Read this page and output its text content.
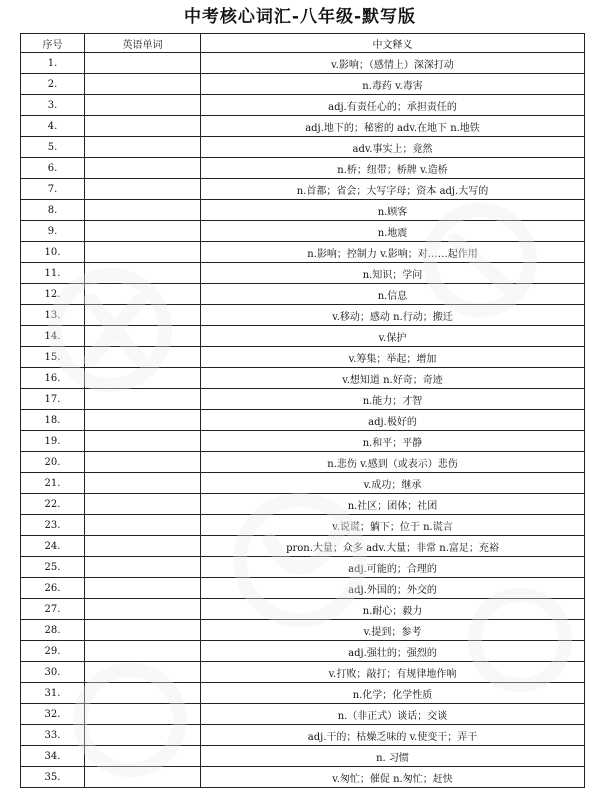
中考核心词汇-八年级-默写版
序号	英语单词	中文释义
1.		v.影响；（感情上）深深打动
2.		n.毒药 v.毒害
3.		adj.有责任心的；承担责任的
4.		adj.地下的；秘密的 adv.在地下 n.地铁
5.		adv.事实上；竟然
6.		n.桥；纽带；桥牌 v.造桥
7.		n.首都；省会；大写字母；资本 adj.大写的
8.		n.顾客
9.		n.地震
10.		n.影响；控制力 v.影响；对……起作用
11.		n.知识；学问
12.		n.信息
13.		v.移动；感动 n.行动；搬迁
14.		v.保护
15.		v.筹集；举起；增加
16.		v.想知道 n.好奇；奇迹
17.		n.能力；才智
18.		adj.极好的
19.		n.和平；平静
20.		n.悲伤 v.感到（或表示）悲伤
21.		v.成功；继承
22.		n.社区；团体；社团
23.		v.说谎；躺下；位于 n.谎言
24.		pron.大量；众多 adv.大量；非常 n.富足；充裕
25.		adj.可能的；合理的
26.		adj.外国的；外交的
27.		n.耐心；毅力
28.		v.提到；参考
29.		adj.强壮的；强烈的
30.		v.打败；敲打；有规律地作响
31.		n.化学；化学性质
32.		n.（非正式）谈话；交谈
33.		adj.干的；枯燥乏味的 v.使变干；弄干
34.		n. 习惯
35.		v.匆忙；催促 n.匆忙；赶快
